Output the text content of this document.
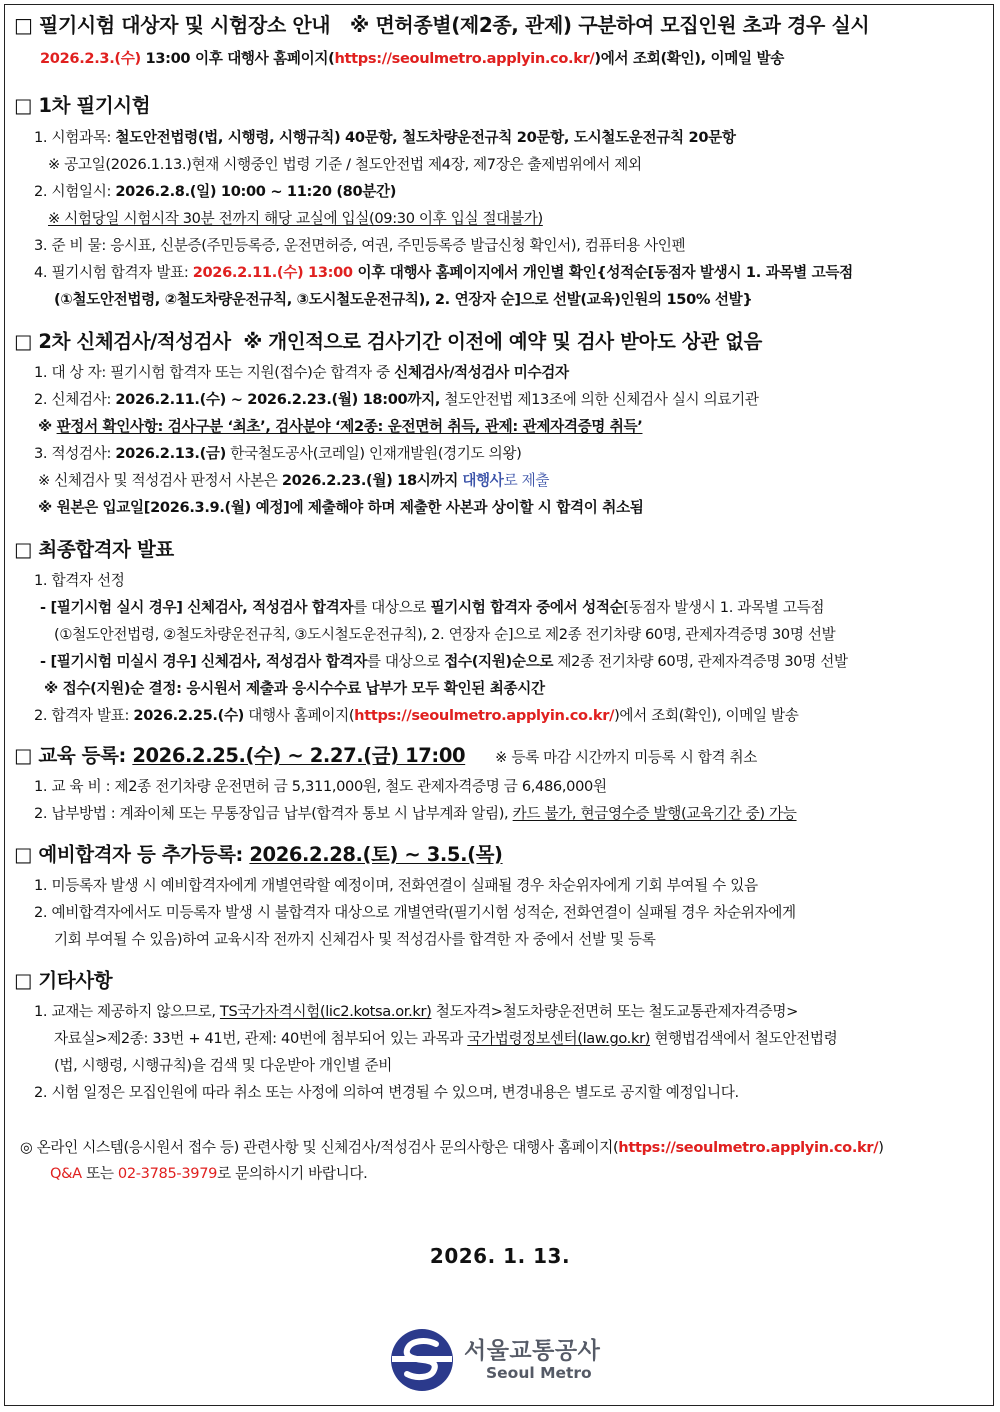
□ 필기시험 대상자 및 시험장소 안내 ※ 면허종별(제2종, 관제) 구분하여 모집인원 초과 경우 실시
2026.2.3.(수) 13:00 이후 대행사 홈페이지(https://seoulmetro.applyin.co.kr/)에서 조회(확인), 이메일 발송
□ 1차 필기시험
1. 시험과목: 철도안전법령(법, 시행령, 시행규칙) 40문항, 철도차량운전규칙 20문항, 도시철도운전규칙 20문항
※ 공고일(2026.1.13.)현재 시행중인 법령 기준 / 철도안전법 제4장, 제7장은 출제범위에서 제외
2. 시험일시: 2026.2.8.(일) 10:00 ~ 11:20 (80분간)
※ 시험당일 시험시작 30분 전까지 해당 교실에 입실(09:30 이후 입실 절대불가)
3. 준 비 물: 응시표, 신분증(주민등록증, 운전면허증, 여권, 주민등록증 발급신청 확인서), 컴퓨터용 사인펜
4. 필기시험 합격자 발표: 2026.2.11.(수) 13:00 이후 대행사 홈페이지에서 개인별 확인{성적순[동점자 발생시 1. 과목별 고득점
(①철도안전법령, ②철도차량운전규칙, ③도시철도운전규칙), 2. 연장자 순]으로 선발(교육)인원의 150% 선발}
□ 2차 신체검사/적성검사 ※ 개인적으로 검사기간 이전에 예약 및 검사 받아도 상관 없음
1. 대 상 자: 필기시험 합격자 또는 지원(접수)순 합격자 중 신체검사/적성검사 미수검자
2. 신체검사: 2026.2.11.(수) ~ 2026.2.23.(월) 18:00까지, 철도안전법 제13조에 의한 신체검사 실시 의료기관
※ 판정서 확인사항: 검사구분 ‘최초’, 검사분야 ‘제2종: 운전면허 취득, 관제: 관제자격증명 취득’
3. 적성검사: 2026.2.13.(금) 한국철도공사(코레일) 인재개발원(경기도 의왕)
※ 신체검사 및 적성검사 판정서 사본은 2026.2.23.(월) 18시까지 대행사로 제출
※ 원본은 입교일[2026.3.9.(월) 예정]에 제출해야 하며 제출한 사본과 상이할 시 합격이 취소됨
□ 최종합격자 발표
1. 합격자 선정
- [필기시험 실시 경우] 신체검사, 적성검사 합격자를 대상으로 필기시험 합격자 중에서 성적순[동점자 발생시 1. 과목별 고득점
(①철도안전법령, ②철도차량운전규칙, ③도시철도운전규칙), 2. 연장자 순]으로 제2종 전기차량 60명, 관제자격증명 30명 선발
- [필기시험 미실시 경우] 신체검사, 적성검사 합격자를 대상으로 접수(지원)순으로 제2종 전기차량 60명, 관제자격증명 30명 선발
※ 접수(지원)순 결정: 응시원서 제출과 응시수수료 납부가 모두 확인된 최종시간
2. 합격자 발표: 2026.2.25.(수) 대행사 홈페이지(https://seoulmetro.applyin.co.kr/)에서 조회(확인), 이메일 발송
□ 교육 등록: 2026.2.25.(수) ~ 2.27.(금) 17:00 ※ 등록 마감 시간까지 미등록 시 합격 취소
1. 교 육 비 : 제2종 전기차량 운전면허 금 5,311,000원, 철도 관제자격증명 금 6,486,000원
2. 납부방법 : 계좌이체 또는 무통장입금 납부(합격자 통보 시 납부계좌 알림), 카드 불가, 현금영수증 발행(교육기간 중) 가능
□ 예비합격자 등 추가등록: 2026.2.28.(토) ~ 3.5.(목)
1. 미등록자 발생 시 예비합격자에게 개별연락할 예정이며, 전화연결이 실패될 경우 차순위자에게 기회 부여될 수 있음
2. 예비합격자에서도 미등록자 발생 시 불합격자 대상으로 개별연락(필기시험 성적순, 전화연결이 실패될 경우 차순위자에게
기회 부여될 수 있음)하여 교육시작 전까지 신체검사 및 적성검사를 합격한 자 중에서 선발 및 등록
□ 기타사항
1. 교재는 제공하지 않으므로, TS국가자격시험(lic2.kotsa.or.kr) 철도자격>철도차량운전면허 또는 철도교통관제자격증명>
자료실>제2종: 33번 + 41번, 관제: 40번에 첨부되어 있는 과목과 국가법령정보센터(law.go.kr) 현행법검색에서 철도안전법령
(법, 시행령, 시행규칙)을 검색 및 다운받아 개인별 준비
2. 시험 일정은 모집인원에 따라 취소 또는 사정에 의하여 변경될 수 있으며, 변경내용은 별도로 공지할 예정입니다.
◎ 온라인 시스템(응시원서 접수 등) 관련사항 및 신체검사/적성검사 문의사항은 대행사 홈페이지(https://seoulmetro.applyin.co.kr/)
Q&A 또는 02-3785-3979로 문의하시기 바랍니다.
2026. 1. 13.
서울교통공사
Seoul Metro
